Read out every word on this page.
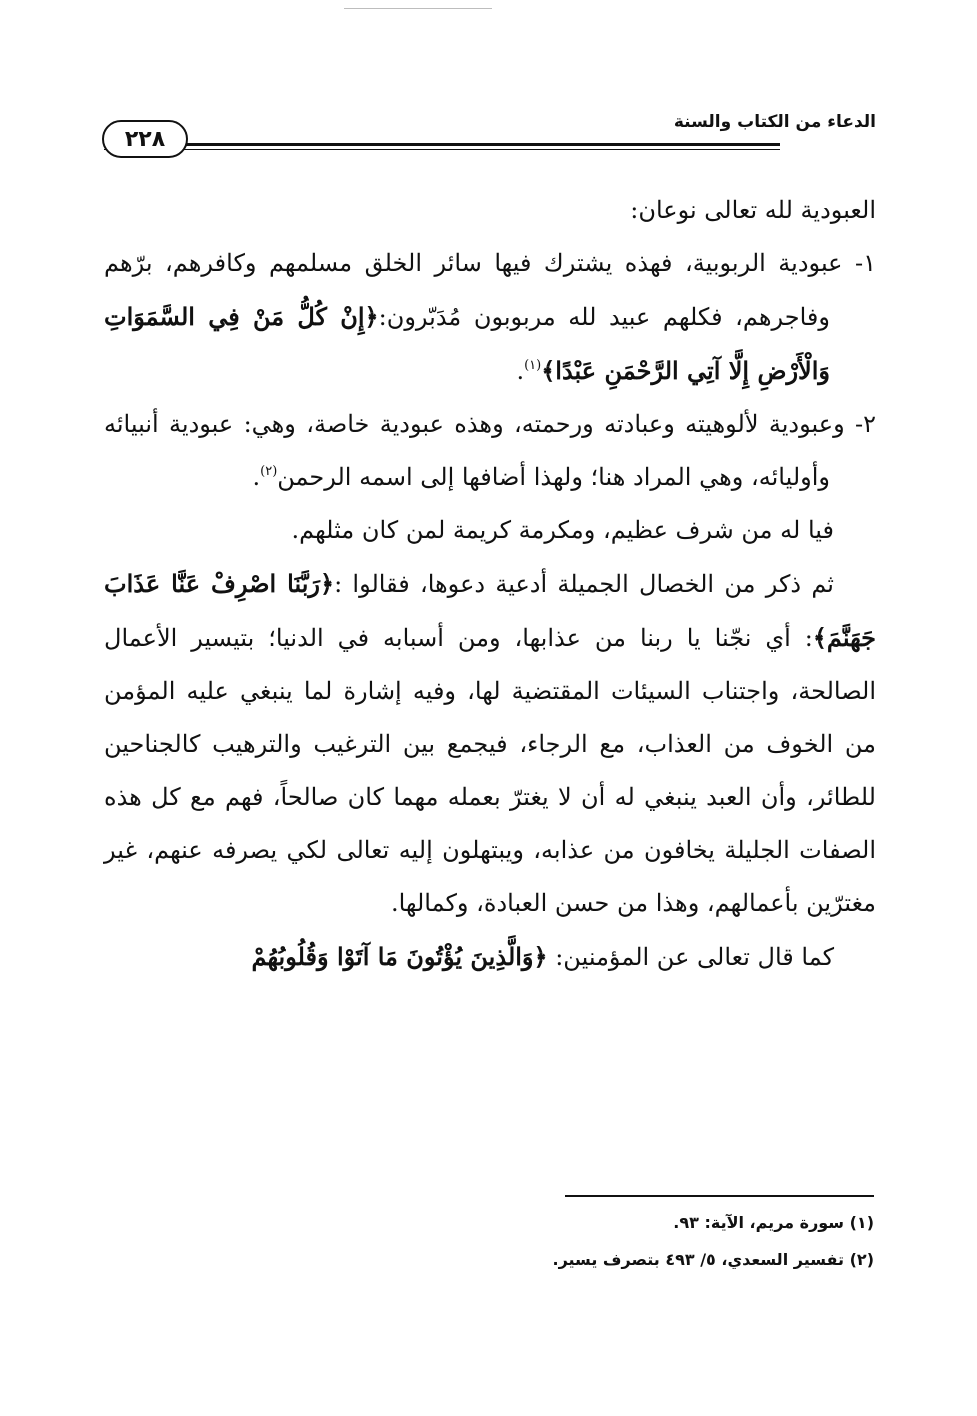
الدعاء من الكتاب والسنة
٢٢٨

العبودية لله تعالى نوعان:

١- عبودية الربوبية، فهذه يشترك فيها سائر الخلق مسلمهم وكافرهم، برّهم وفاجرهم، فكلهم عبيد لله مربوبون مُدَبّرون:﴿إِنْ كُلُّ مَنْ فِي السَّمَوَاتِ وَالْأَرْضِ إِلَّا آتِي الرَّحْمَنِ عَبْدًا﴾$^{(١)}$.

٢- وعبودية لألوهيته وعبادته ورحمته، وهذه عبودية خاصة، وهي: عبودية أنبيائه وأوليائه، وهي المراد هنا؛ ولهذا أضافها إلى اسمه الرحمن$^{(٢)}$.

فيا له من شرف عظيم، ومكرمة كريمة لمن كان مثلهم.

ثم ذكر من الخصال الجميلة أدعية دعوها، فقالوا :﴿رَبَّنَا اصْرِفْ عَنَّا عَذَابَ جَهَنَّمَ﴾: أي نجّنا يا ربنا من عذابها، ومن أسبابه في الدنيا؛ بتيسير الأعمال الصالحة، واجتناب السيئات المقتضية لها، وفيه إشارة لما ينبغي عليه المؤمن من الخوف من العذاب، مع الرجاء، فيجمع بين الترغيب والترهيب كالجناحين للطائر، وأن العبد ينبغي له أن لا يغترّ بعمله مهما كان صالحاً، فهم مع كل هذه الصفات الجليلة يخافون من عذابه، ويبتهلون إليه تعالى لكي يصرفه عنهم، غير مغترّين بأعمالهم، وهذا من حسن العبادة، وكمالها.

كما قال تعالى عن المؤمنين: ﴿وَالَّذِينَ يُؤْتُونَ مَا آتَوْا وَقُلُوبُهُمْ

(١) سورة مريم، الآية: ٩٣.

(٢) تفسير السعدي، ٥/ ٤٩٣ بتصرف يسير.
